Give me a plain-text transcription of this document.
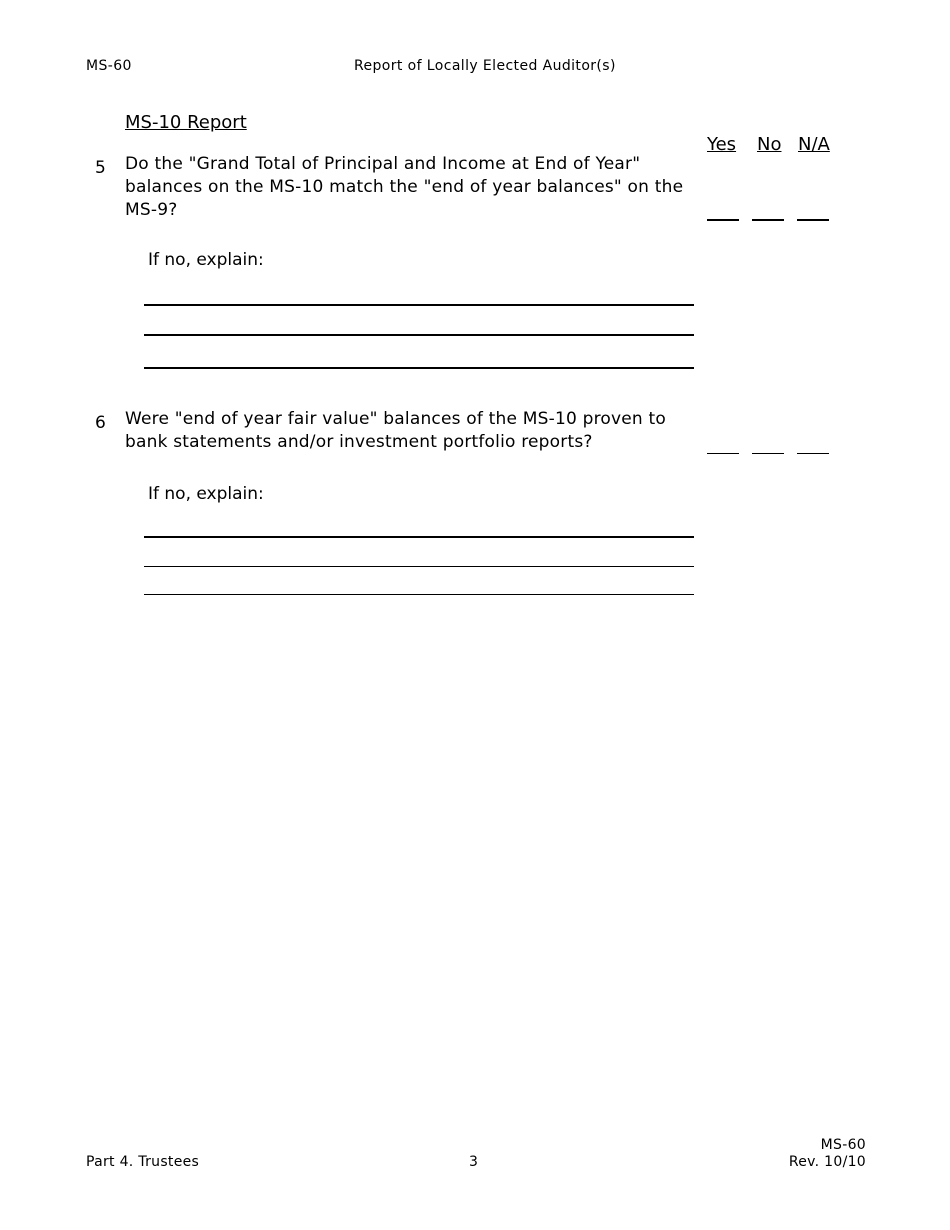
MS-60	Report of Locally Elected Auditor(s)
MS-10 Report
Yes No N/A
5 Do the "Grand Total of Principal and Income at End of Year"
balances on the MS-10 match the "end of year balances" on the
MS-9?
If no, explain:
6 Were "end of year fair value" balances of the MS-10 proven to
bank statements and/or investment portfolio reports?
If no, explain:
Part 4. Trustees	3
MS-60
Rev. 10/10
